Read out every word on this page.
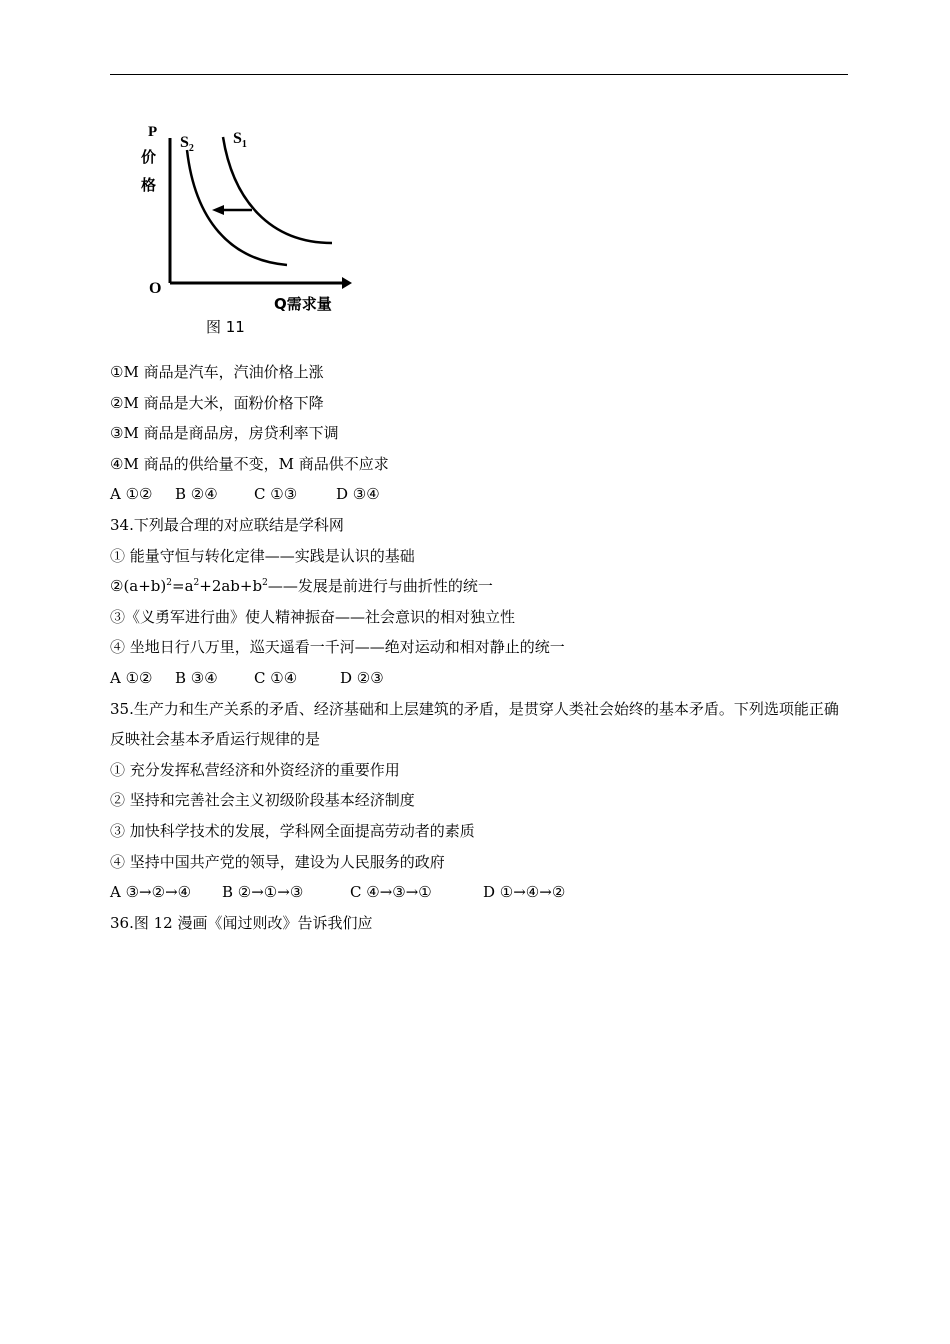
P
价
格
$S_2$
$S_1$
O
Q需求量
图 11
①M 商品是汽车，汽油价格上涨
②M 商品是大米，面粉价格下降
③M 商品是商品房，房贷利率下调
④M 商品的供给量不变，M 商品供不应求
A ①② B ②④ C ①③	D ③④
34.下列最合理的对应联结是学科网
① 能量守恒与转化定律——实践是认识的基础
$②(a+b)^2=a^2+2ab+b^2——$发展是前进行与曲折性的统一
③《义勇军进行曲》使人精神振奋——社会意识的相对独立性
④ 坐地日行八万里，巡天遥看一千河——绝对运动和相对静止的统一
A ①② B ③④ C ①④	D ②③
35.生产力和生产关系的矛盾、经济基础和上层建筑的矛盾，是贯穿人类社会始终的基本矛盾。下列选项能正确反映社会基本矛盾运行规律的是
① 充分发挥私营经济和外资经济的重要作用
② 坚持和完善社会主义初级阶段基本经济制度
③ 加快科学技术的发展，学科网全面提高劳动者的素质
④ 坚持中国共产党的领导，建设为人民服务的政府
A ③→②→④ B ②→①→③	C ④→③→①	D ①→④→②
36.图 12 漫画《闻过则改》告诉我们应
